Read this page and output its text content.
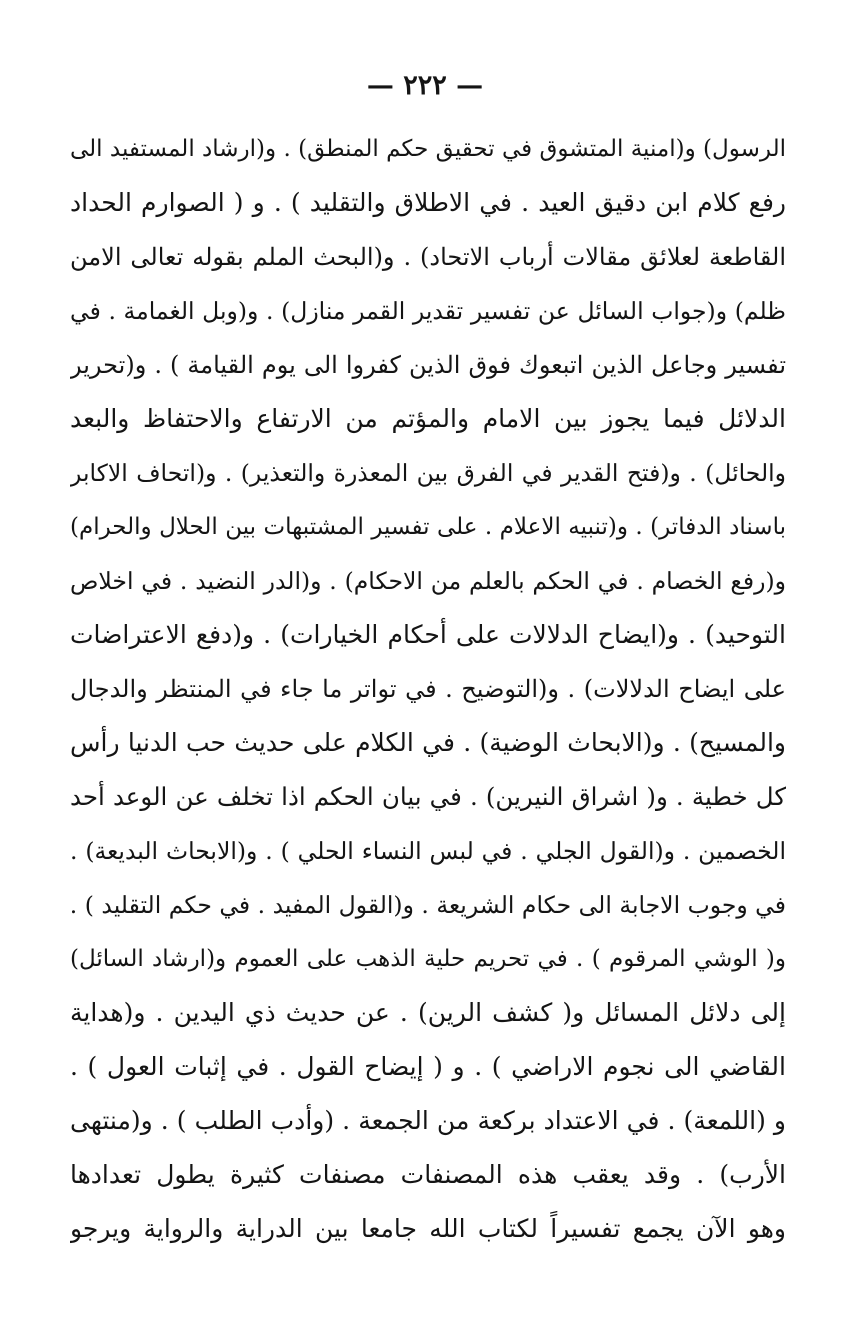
— ٢٢٢ —
الرسول) و(امنية المتشوق في تحقيق حكم المنطق) . و(ارشاد المستفيد الى
رفع كلام ابن دقيق العيد . في الاطلاق والتقليد ) . و ( الصوارم الحداد
القاطعة لعلائق مقالات أرباب الاتحاد) . و(البحث الملم بقوله تعالى الامن
ظلم) و(جواب السائل عن تفسير تقدير القمر منازل) . و(وبل الغمامة . في
تفسير وجاعل الذين اتبعوك فوق الذين كفروا الى يوم القيامة ) . و(تحرير
الدلائل فيما يجوز بين الامام والمؤتم من الارتفاع والاحتفاظ والبعد
والحائل) . و(فتح القدير في الفرق بين المعذرة والتعذير) . و(اتحاف الاكابر
باسناد الدفاتر) . و(تنبيه الاعلام . على تفسير المشتبهات بين الحلال والحرام)
و(رفع الخصام . في الحكم بالعلم من الاحكام) . و(الدر النضيد . في اخلاص
التوحيد) . و(ايضاح الدلالات على أحكام الخيارات) . و(دفع الاعتراضات
على ايضاح الدلالات) . و(التوضيح . في تواتر ما جاء في المنتظر والدجال
والمسيح) . و(الابحاث الوضية) . في الكلام على حديث حب الدنيا رأس
كل خطية . و( اشراق النيرين) . في بيان الحكم اذا تخلف عن الوعد أحد
الخصمين . و(القول الجلي . في لبس النساء الحلي ) . و(الابحاث البديعة) .
في وجوب الاجابة الى حكام الشريعة . و(القول المفيد . في حكم التقليد ) .
و( الوشي المرقوم ) . في تحريم حلية الذهب على العموم و(ارشاد السائل)
إلى دلائل المسائل و( كشف الرين) . عن حديث ذي اليدين . و(هداية
القاضي الى نجوم الاراضي ) . و ( إيضاح القول . في إثبات العول ) .
و (اللمعة) . في الاعتداد بركعة من الجمعة . (وأدب الطلب ) . و(منتهى
الأرب) . وقد يعقب هذه المصنفات مصنفات كثيرة يطول تعدادها
وهو الآن يجمع تفسيراً لكتاب الله جامعا بين الدراية والرواية ويرجو
